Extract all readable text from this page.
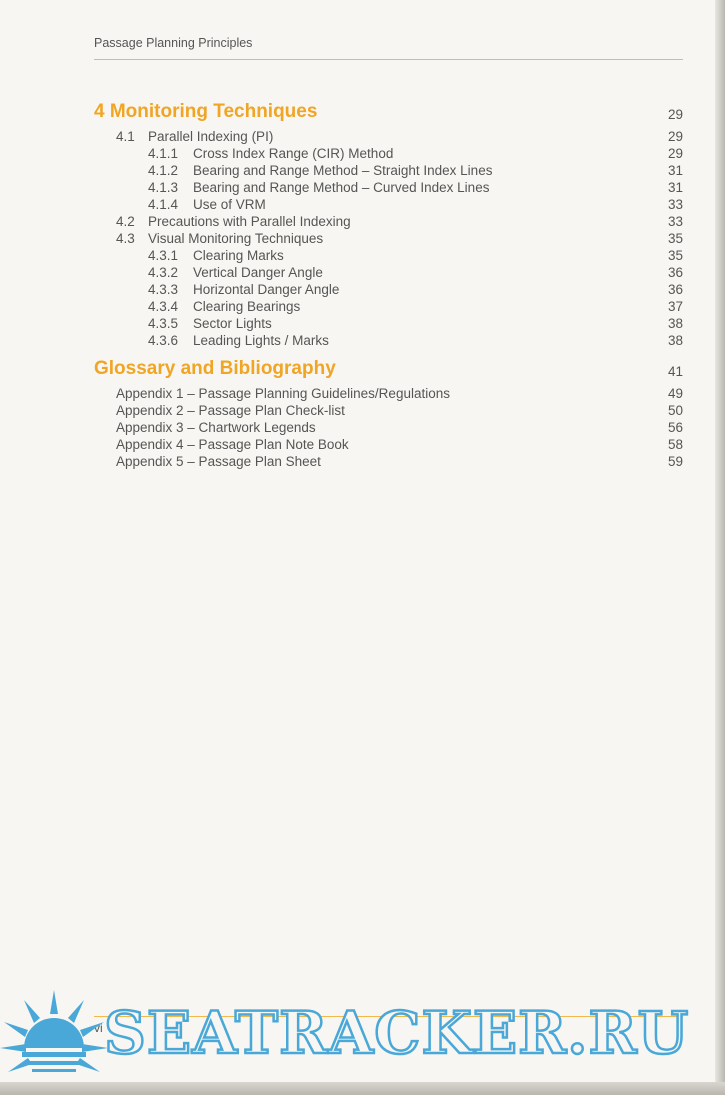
Passage Planning Principles
4 Monitoring Techniques	29
4.1 Parallel Indexing (PI)	29
4.1.1 Cross Index Range (CIR) Method	29
4.1.2 Bearing and Range Method – Straight Index Lines	31
4.1.3 Bearing and Range Method – Curved Index Lines	31
4.1.4 Use of VRM	33
4.2 Precautions with Parallel Indexing	33
4.3 Visual Monitoring Techniques	35
4.3.1 Clearing Marks	35
4.3.2 Vertical Danger Angle	36
4.3.3 Horizontal Danger Angle	36
4.3.4 Clearing Bearings	37
4.3.5 Sector Lights	38
4.3.6 Leading Lights / Marks	38
Glossary and Bibliography	41
Appendix 1 – Passage Planning Guidelines/Regulations	49
Appendix 2 – Passage Plan Check-list	50
Appendix 3 – Chartwork Legends	56
Appendix 4 – Passage Plan Note Book	58
Appendix 5 – Passage Plan Sheet	59
vi SEATRACKER.RU
